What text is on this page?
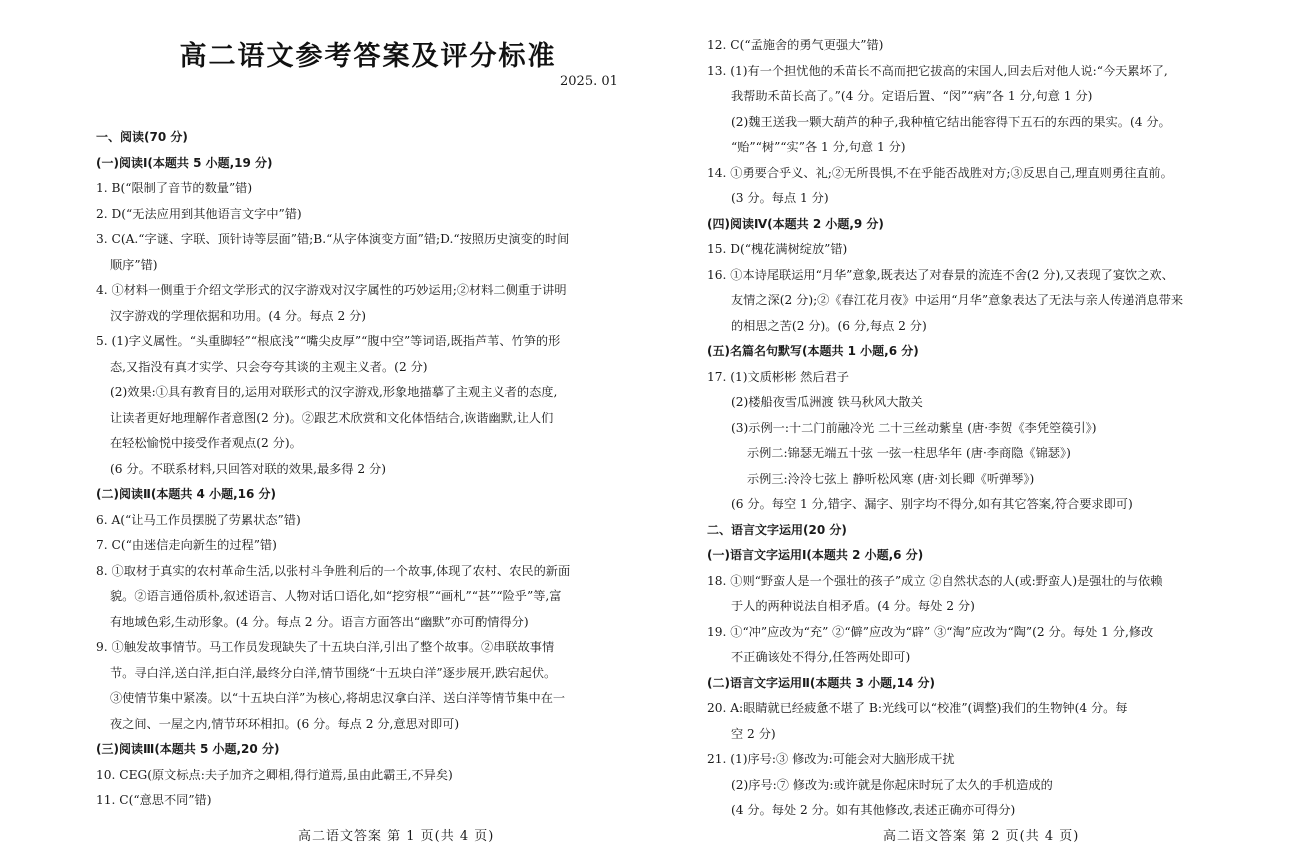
高二语文参考答案及评分标准
2025. 01
一、阅读(70 分)
(一)阅读Ⅰ(本题共 5 小题,19 分)
1. B(“限制了音节的数量”错)
2. D(“无法应用到其他语言文字中”错)
3. C(A.“字谜、字联、顶针诗等层面”错;B.“从字体演变方面”错;D.“按照历史演变的时间
顺序”错)
4. ①材料一侧重于介绍文学形式的汉字游戏对汉字属性的巧妙运用;②材料二侧重于讲明
汉字游戏的学理依据和功用。(4 分。每点 2 分)
5. (1)字义属性。“头重脚轻”“根底浅”“嘴尖皮厚”“腹中空”等词语,既指芦苇、竹笋的形
态,又指没有真才实学、只会夸夸其谈的主观主义者。(2 分)
(2)效果:①具有教育目的,运用对联形式的汉字游戏,形象地描摹了主观主义者的态度,
让读者更好地理解作者意图(2 分)。②跟艺术欣赏和文化体悟结合,诙谐幽默,让人们
在轻松愉悦中接受作者观点(2 分)。
(6 分。不联系材料,只回答对联的效果,最多得 2 分)
(二)阅读Ⅱ(本题共 4 小题,16 分)
6. A(“让马工作员摆脱了劳累状态”错)
7. C(“由迷信走向新生的过程”错)
8. ①取材于真实的农村革命生活,以张村斗争胜利后的一个故事,体现了农村、农民的新面
貌。②语言通俗质朴,叙述语言、人物对话口语化,如“挖穷根”“画札”“甚”“险乎”等,富
有地域色彩,生动形象。(4 分。每点 2 分。语言方面答出“幽默”亦可酌情得分)
9. ①触发故事情节。马工作员发现缺失了十五块白洋,引出了整个故事。②串联故事情
节。寻白洋,送白洋,拒白洋,最终分白洋,情节围绕“十五块白洋”逐步展开,跌宕起伏。
③使情节集中紧凑。以“十五块白洋”为核心,将胡忠汉拿白洋、送白洋等情节集中在一
夜之间、一屋之内,情节环环相扣。(6 分。每点 2 分,意思对即可)
(三)阅读Ⅲ(本题共 5 小题,20 分)
10. CEG(原文标点:夫子加齐之卿相,得行道焉,虽由此霸王,不异矣)
11. C(“意思不同”错)
高二语文答案 第 1 页(共 4 页)
12. C(“孟施舍的勇气更强大”错)
13. (1)有一个担忧他的禾苗长不高而把它拔高的宋国人,回去后对他人说:“今天累坏了,
我帮助禾苗长高了。”(4 分。定语后置、“闵”“病”各 1 分,句意 1 分)
(2)魏王送我一颗大葫芦的种子,我种植它结出能容得下五石的东西的果实。(4 分。
“贻”“树”“实”各 1 分,句意 1 分)
14. ①勇要合乎义、礼;②无所畏惧,不在乎能否战胜对方;③反思自己,理直则勇往直前。
(3 分。每点 1 分)
(四)阅读Ⅳ(本题共 2 小题,9 分)
15. D(“槐花满树绽放”错)
16. ①本诗尾联运用“月华”意象,既表达了对春景的流连不舍(2 分),又表现了宴饮之欢、
友情之深(2 分);②《春江花月夜》中运用“月华”意象表达了无法与亲人传递消息带来
的相思之苦(2 分)。(6 分,每点 2 分)
(五)名篇名句默写(本题共 1 小题,6 分)
17. (1)文质彬彬 然后君子
(2)楼船夜雪瓜洲渡 铁马秋风大散关
(3)示例一:十二门前融冷光 二十三丝动紫皇 (唐·李贺《李凭箜篌引》)
示例二:锦瑟无端五十弦 一弦一柱思华年 (唐·李商隐《锦瑟》)
示例三:泠泠七弦上 静听松风寒 (唐·刘长卿《听弹琴》)
(6 分。每空 1 分,错字、漏字、别字均不得分,如有其它答案,符合要求即可)
二、语言文字运用(20 分)
(一)语言文字运用Ⅰ(本题共 2 小题,6 分)
18. ①则“野蛮人是一个强壮的孩子”成立 ②自然状态的人(或:野蛮人)是强壮的与依赖
于人的两种说法自相矛盾。(4 分。每处 2 分)
19. ①“冲”应改为“充” ②“僻”应改为“辟” ③“淘”应改为“陶”(2 分。每处 1 分,修改
不正确该处不得分,任答两处即可)
(二)语言文字运用Ⅱ(本题共 3 小题,14 分)
20. A:眼睛就已经疲惫不堪了 B:光线可以“校准”(调整)我们的生物钟(4 分。每
空 2 分)
21. (1)序号:③ 修改为:可能会对大脑形成干扰
(2)序号:⑦ 修改为:或许就是你起床时玩了太久的手机造成的
(4 分。每处 2 分。如有其他修改,表述正确亦可得分)
高二语文答案 第 2 页(共 4 页)
